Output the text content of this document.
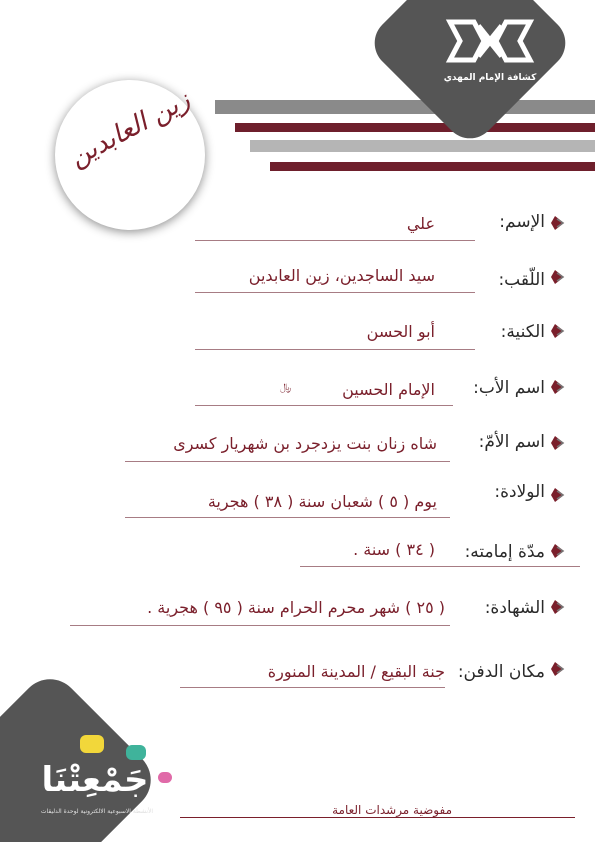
كشافة الإمام المهدي
زين العابدين
الإسم:
علي
اللّقب:
سيد الساجدين، زين العابدين
الكنية:
أبو الحسن
اسم الأب:
الإمام الحسين
﷼
اسم الأمّ:
شاه زنان بنت يزدجرد بن شهريار كسرى
الولادة:
يوم ( ٥ ) شعبان سنة ( ٣٨ ) هجرية
مدّة إمامته:
( ٣٤ ) سنة .
الشهادة:
( ٢٥ ) شهر محرم الحرام سنة ( ٩٥ ) هجرية .
مكان الدفن:
جنة البقيع / المدينة المنورة
جَمْعِتْنَا
الأنشطة الاسبوعية الالكترونية لوحدة الدليقات	مفوضية مرشدات العامة
